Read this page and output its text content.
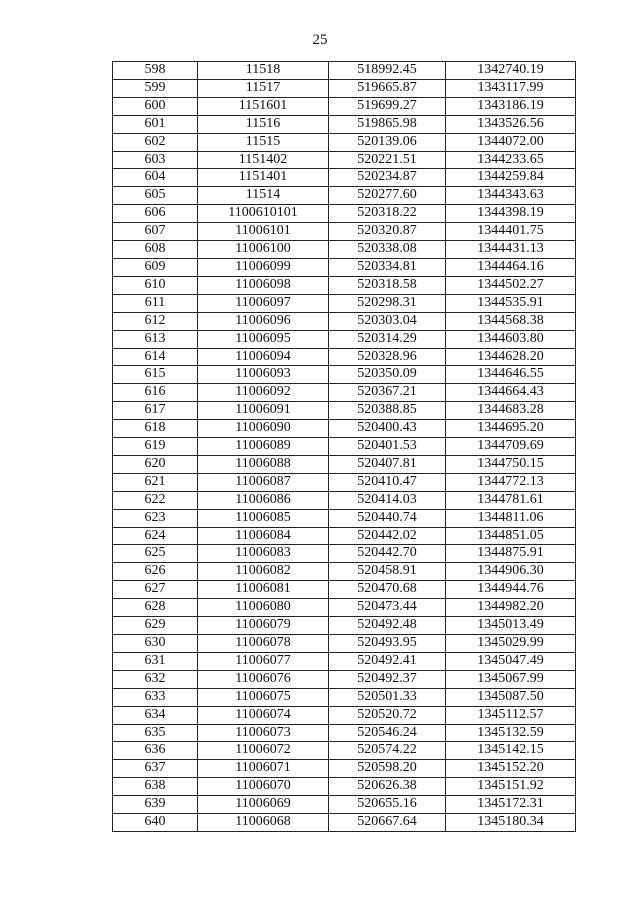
25
598	11518	518992.45	1342740.19
599	11517	519665.87	1343117.99
600	1151601	519699.27	1343186.19
601	11516	519865.98	1343526.56
602	11515	520139.06	1344072.00
603	1151402	520221.51	1344233.65
604	1151401	520234.87	1344259.84
605	11514	520277.60	1344343.63
606	1100610101	520318.22	1344398.19
607	11006101	520320.87	1344401.75
608	11006100	520338.08	1344431.13
609	11006099	520334.81	1344464.16
610	11006098	520318.58	1344502.27
611	11006097	520298.31	1344535.91
612	11006096	520303.04	1344568.38
613	11006095	520314.29	1344603.80
614	11006094	520328.96	1344628.20
615	11006093	520350.09	1344646.55
616	11006092	520367.21	1344664.43
617	11006091	520388.85	1344683.28
618	11006090	520400.43	1344695.20
619	11006089	520401.53	1344709.69
620	11006088	520407.81	1344750.15
621	11006087	520410.47	1344772.13
622	11006086	520414.03	1344781.61
623	11006085	520440.74	1344811.06
624	11006084	520442.02	1344851.05
625	11006083	520442.70	1344875.91
626	11006082	520458.91	1344906.30
627	11006081	520470.68	1344944.76
628	11006080	520473.44	1344982.20
629	11006079	520492.48	1345013.49
630	11006078	520493.95	1345029.99
631	11006077	520492.41	1345047.49
632	11006076	520492.37	1345067.99
633	11006075	520501.33	1345087.50
634	11006074	520520.72	1345112.57
635	11006073	520546.24	1345132.59
636	11006072	520574.22	1345142.15
637	11006071	520598.20	1345152.20
638	11006070	520626.38	1345151.92
639	11006069	520655.16	1345172.31
640	11006068	520667.64	1345180.34
